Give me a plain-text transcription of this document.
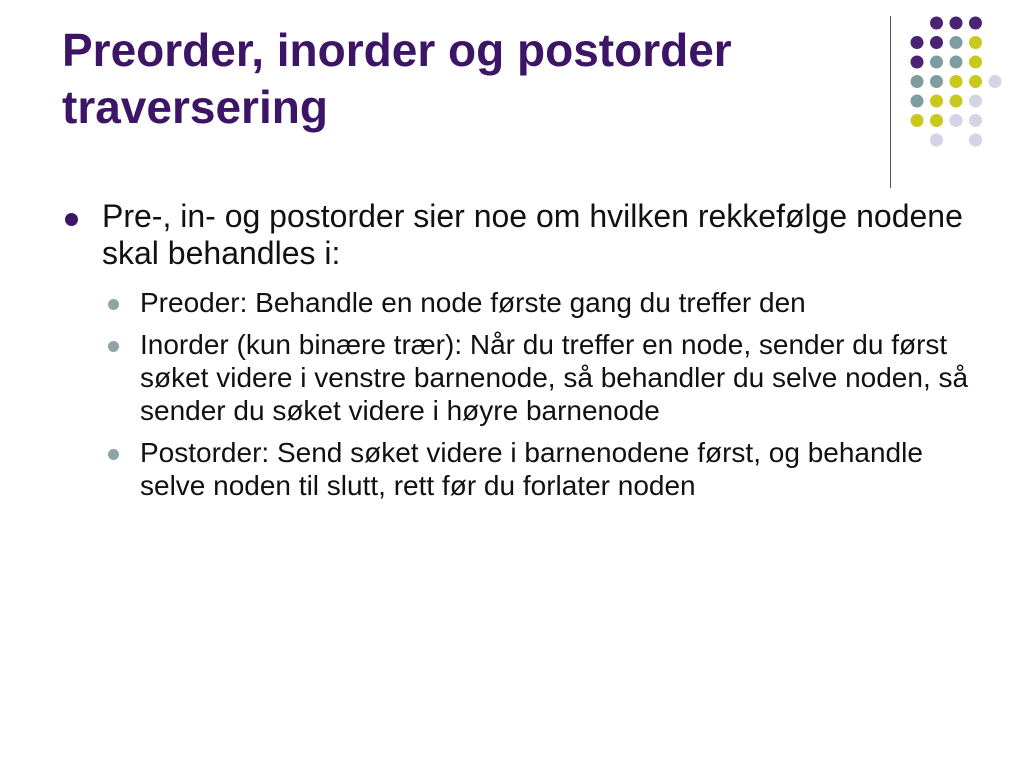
Preorder, inorder og postorder
traversering
Pre-, in- og postorder sier noe om hvilken rekkefølge nodene skal behandles i:
Preoder: Behandle en node første gang du treffer den
Inorder (kun binære trær): Når du treffer en node, sender du først søket videre i venstre barnenode, så behandler du selve noden, så sender du søket videre i høyre barnenode
Postorder: Send søket videre i barnenodene først, og behandle selve noden til slutt, rett før du forlater noden
